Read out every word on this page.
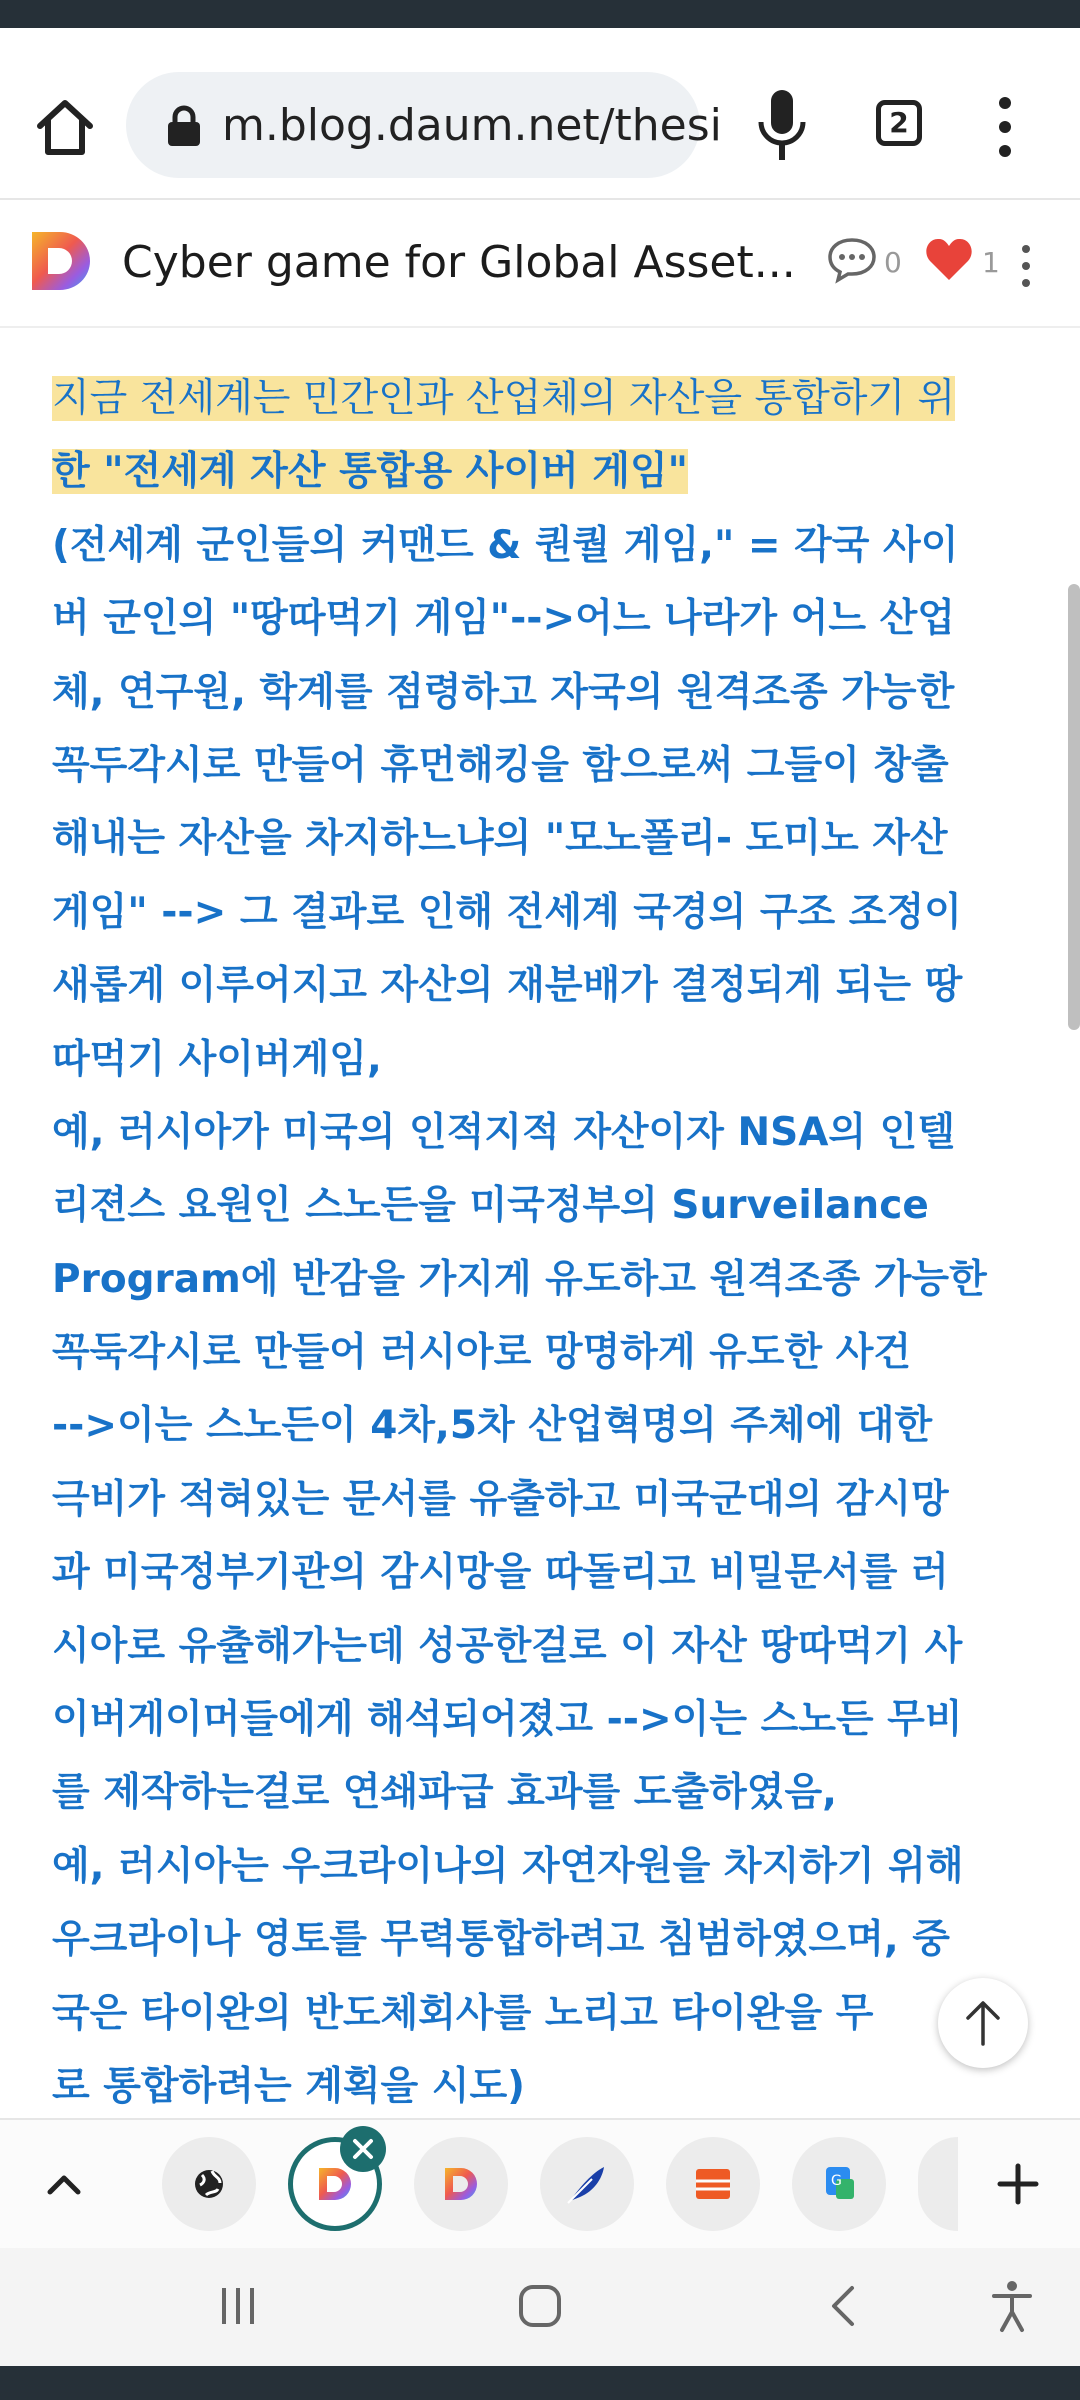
m.blog.daum.net/thesi	2
Cyber game for Global Asset...	0	1
지금 전세계는 민간인과 산업체의 자산을 통합하기 위
한 "전세계 자산 통합용 사이버 게임"
(전세계 군인들의 커맨드 & 퀀퀄 게임," = 각국 사이
버 군인의 "땅따먹기 게임"-->어느 나라가 어느 산업
체, 연구원, 학계를 점령하고 자국의 원격조종 가능한
꼭두각시로 만들어 휴먼해킹을 함으로써 그들이 창출
해내는 자산을 차지하느냐의 "모노폴리- 도미노 자산
게임" --> 그 결과로 인해 전세계 국경의 구조 조정이
새롭게 이루어지고 자산의 재분배가 결정되게 되는 땅
따먹기 사이버게임,
예, 러시아가 미국의 인적지적 자산이자 NSA의 인텔
리젼스 요원인 스노든을 미국정부의 Surveilance
Program에 반감을 가지게 유도하고 원격조종 가능한
꼭둑각시로 만들어 러시아로 망명하게 유도한 사건
-->이는 스노든이 4차,5차 산업혁명의 주체에 대한
극비가 적혀있는 문서를 유출하고 미국군대의 감시망
과 미국정부기관의 감시망을 따돌리고 비밀문서를 러
시아로 유츌해가는데 성공한걸로 이 자산 땅따먹기 사
이버게이머들에게 해석되어졌고 -->이는 스노든 무비
를 제작하는걸로 연쇄파급 효과를 도출하였음,
예, 러시아는 우크라이나의 자연자원을 차지하기 위해
우크라이나 영토를 무력통합하려고 침범하였으며, 중
국은 타이완의 반도체회사를 노리고 타이완을 무
로 통합하려는 계획을 시도)
G
